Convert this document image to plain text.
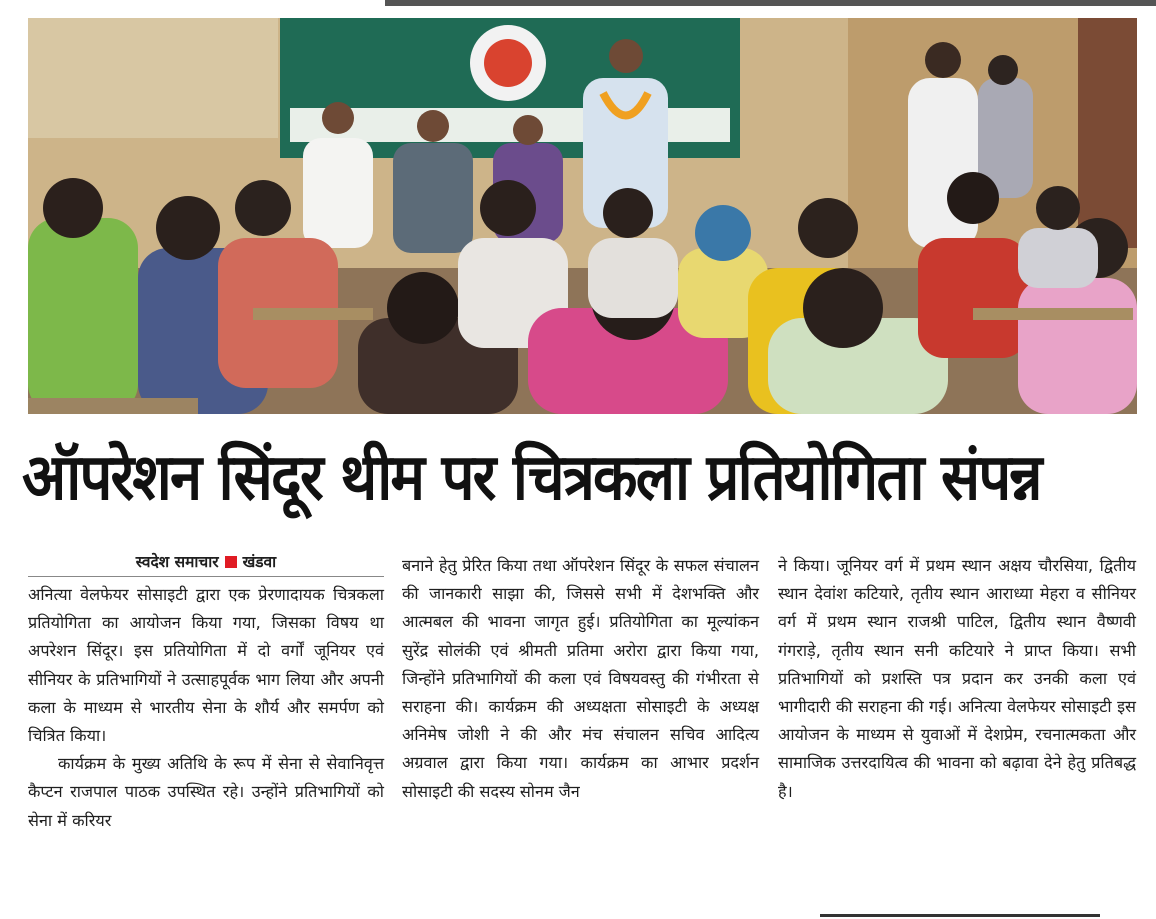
ऑपरेशन सिंदूर थीम पर चित्रकला प्रतियोगिता संपन्न
स्वदेश समाचार खंडवा

अनित्या वेलफेयर सोसाइटी द्वारा एक प्रेरणादायक चित्रकला प्रतियोगिता का आयोजन किया गया, जिसका विषय था अपरेशन सिंदूर। इस प्रतियोगिता में दो वर्गों जूनियर एवं सीनियर के प्रतिभागियों ने उत्साहपूर्वक भाग लिया और अपनी कला के माध्यम से भारतीय सेना के शौर्य और समर्पण को चित्रित किया।

कार्यक्रम के मुख्य अतिथि के रूप में सेना से सेवानिवृत्त कैप्टन राजपाल पाठक उपस्थित रहे। उन्होंने प्रतिभागियों को सेना में करियर

बनाने हेतु प्रेरित किया तथा ऑपरेशन सिंदूर के सफल संचालन की जानकारी साझा की, जिससे सभी में देशभक्ति और आत्मबल की भावना जागृत हुई। प्रतियोगिता का मूल्यांकन सुरेंद्र सोलंकी एवं श्रीमती प्रतिमा अरोरा द्वारा किया गया, जिन्होंने प्रतिभागियों की कला एवं विषयवस्तु की गंभीरता से सराहना की। कार्यक्रम की अध्यक्षता सोसाइटी के अध्यक्ष अनिमेष जोशी ने की और मंच संचालन सचिव आदित्य अग्रवाल द्वारा किया गया। कार्यक्रम का आभार प्रदर्शन सोसाइटी की सदस्य सोनम जैन

ने किया। जूनियर वर्ग में प्रथम स्थान अक्षय चौरसिया, द्वितीय स्थान देवांश कटियारे, तृतीय स्थान आराध्या मेहरा व सीनियर वर्ग में प्रथम स्थान राजश्री पाटिल, द्वितीय स्थान वैष्णवी गंगराड़े, तृतीय स्थान सनी कटियारे ने प्राप्त किया। सभी प्रतिभागियों को प्रशस्ति पत्र प्रदान कर उनकी कला एवं भागीदारी की सराहना की गई। अनित्या वेलफेयर सोसाइटी इस आयोजन के माध्यम से युवाओं में देशप्रेम, रचनात्मकता और सामाजिक उत्तरदायित्व की भावना को बढ़ावा देने हेतु प्रतिबद्ध है।
